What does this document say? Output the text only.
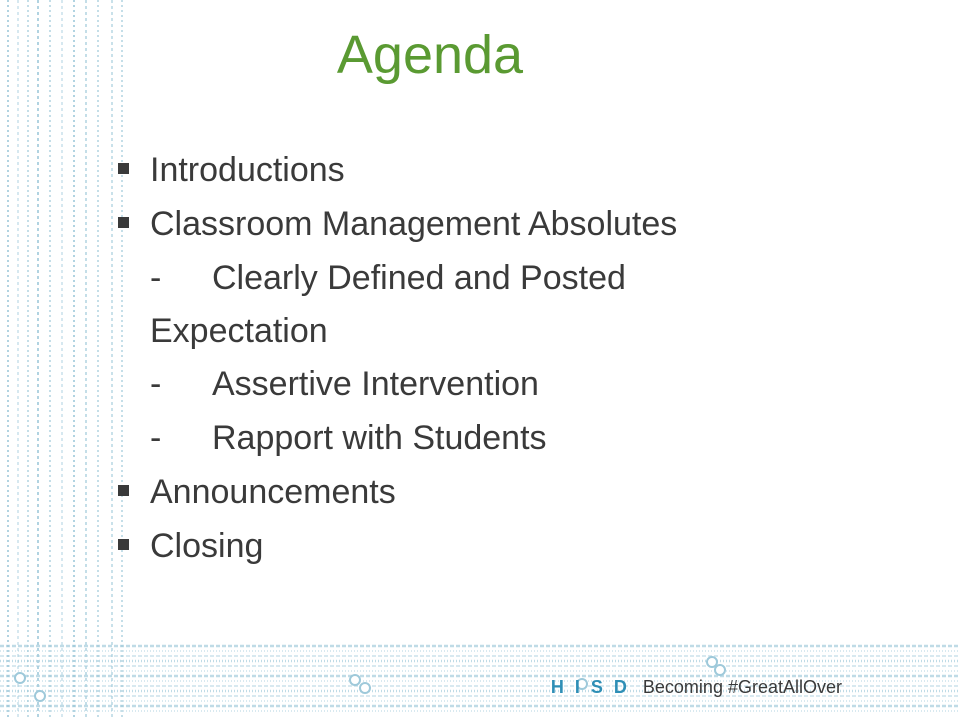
Agenda
Introductions
Classroom Management Absolutes
- Clearly Defined and Posted
Expectation
- Assertive Intervention
- Rapport with Students
Announcements
Closing
H I S D Becoming #GreatAllOver
